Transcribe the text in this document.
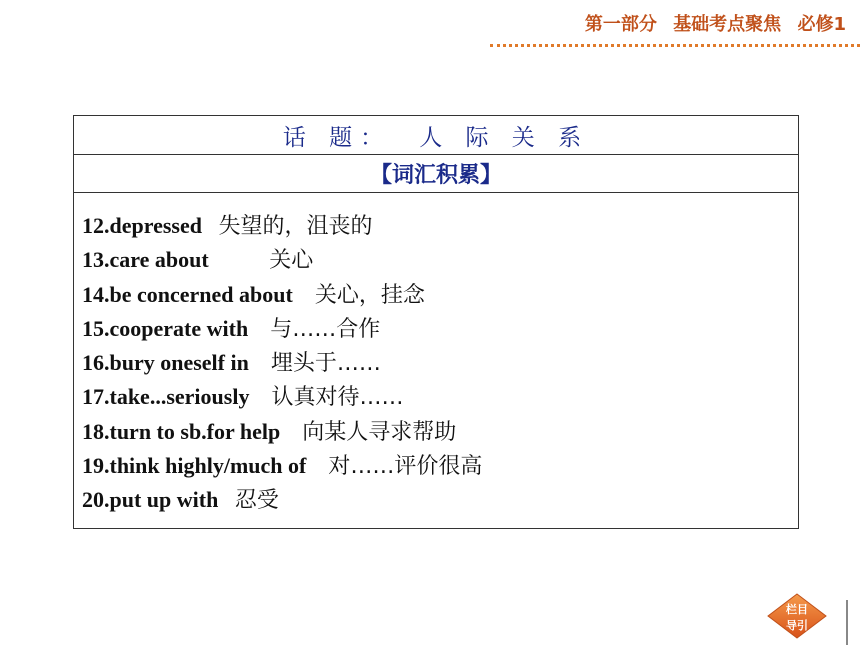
第一部分 基础考点聚焦 必修1
话 题： 人 际 关 系
【词汇积累】
12.depressed 失望的，沮丧的
13.care about	关心
14.be concerned about 关心，挂念
15.cooperate with 与……合作
16.bury oneself in 埋头于……
17.take...seriously 认真对待……
18.turn to sb.for help 向某人寻求帮助
19.think highly/much of 对……评价很高
20.put up with 忍受
栏目
导引
